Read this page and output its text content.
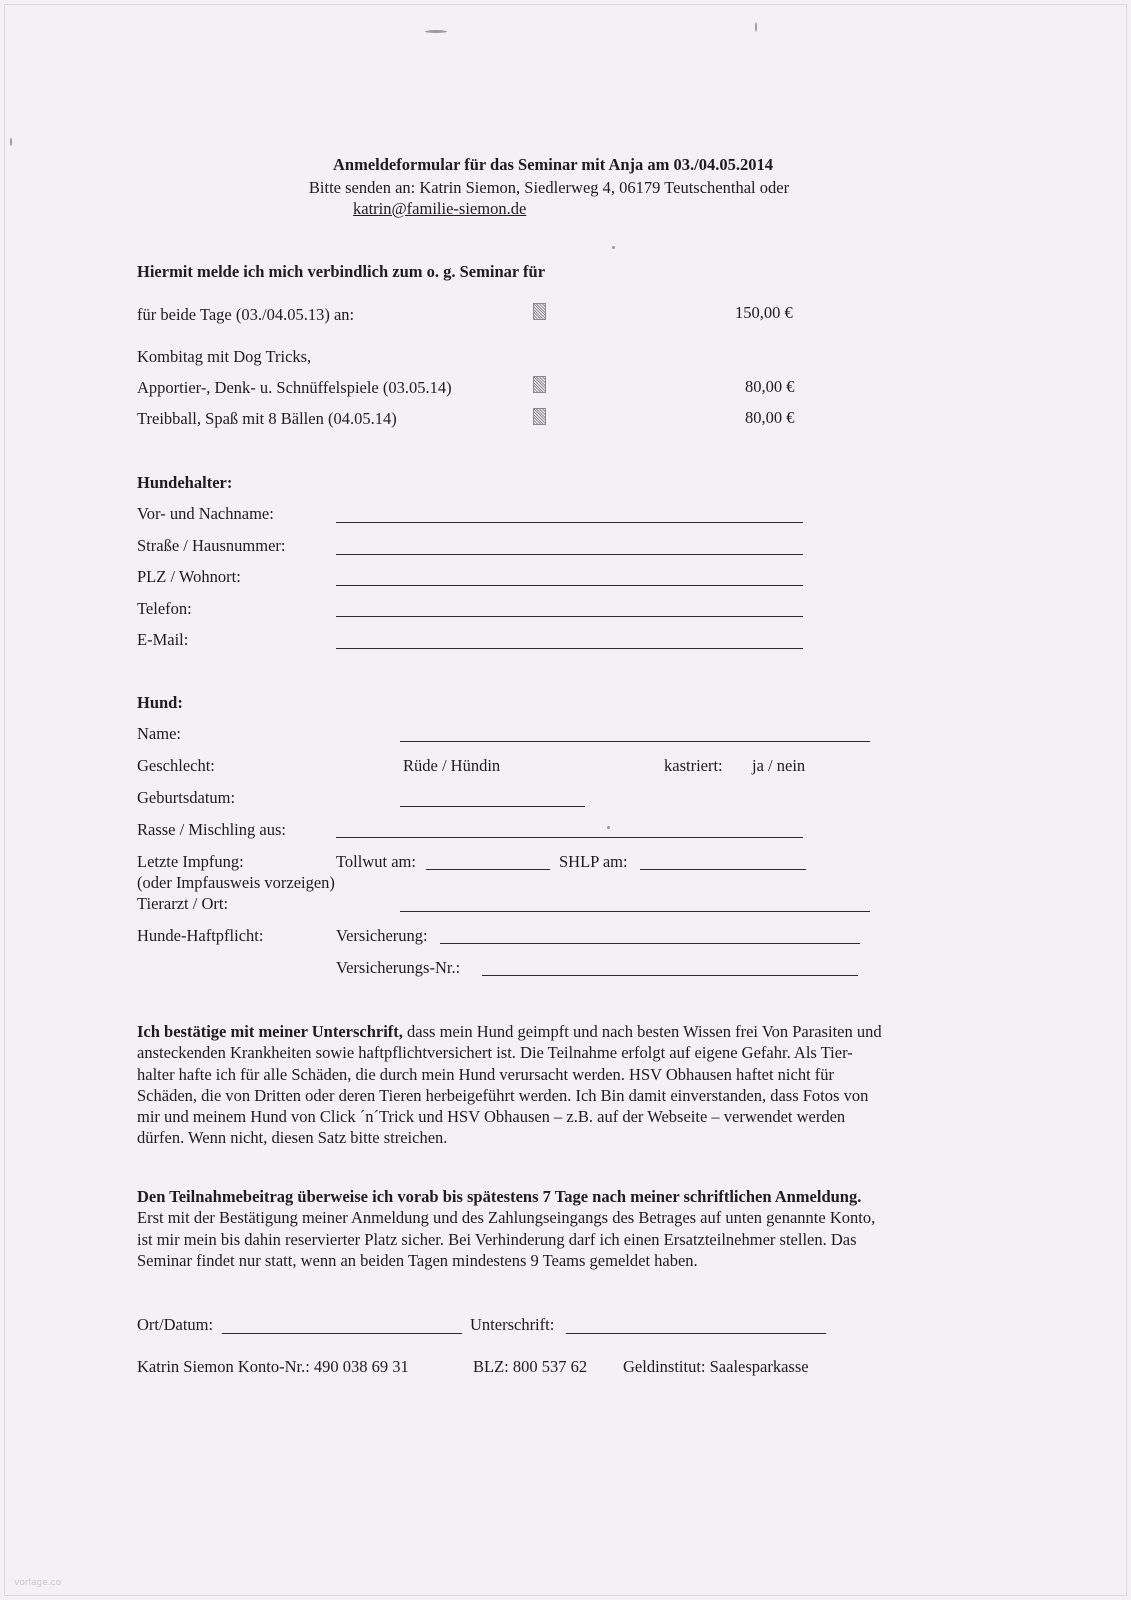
Anmeldeformular für das Seminar mit Anja am 03./04.05.2014
Bitte senden an: Katrin Siemon, Siedlerweg 4, 06179 Teutschenthal oder
katrin@familie-siemon.de
Hiermit melde ich mich verbindlich zum o. g. Seminar für
für beide Tage (03./04.05.13) an:	150,00 €
Kombitag mit Dog Tricks,
Apportier-, Denk- u. Schnüffelspiele (03.05.14)	80,00 €
Treibball, Spaß mit 8 Bällen (04.05.14)	80,00 €
Hundehalter:
Vor- und Nachname:
Straße / Hausnummer:
PLZ / Wohnort:
Telefon:
E-Mail:
Hund:
Name:
Geschlecht:	Rüde / Hündin	kastriert: ja / nein
Geburtsdatum:
Rasse / Mischling aus:
Letzte Impfung:	Tollwut am:	SHLP am:
(oder Impfausweis vorzeigen)
Tierarzt / Ort:
Hunde-Haftpflicht:	Versicherung:
Versicherungs-Nr.:

Ich bestätige mit meiner Unterschrift, dass mein Hund geimpft und nach besten Wissen frei Von Parasiten und

ansteckenden Krankheiten sowie haftpflichtversichert ist. Die Teilnahme erfolgt auf eigene Gefahr. Als Tier-

halter hafte ich für alle Schäden, die durch mein Hund verursacht werden. HSV Obhausen haftet nicht für

Schäden, die von Dritten oder deren Tieren herbeigeführt werden. Ich Bin damit einverstanden, dass Fotos von

mir und meinem Hund von Click ´n´Trick und HSV Obhausen – z.B. auf der Webseite – verwendet werden

dürfen. Wenn nicht, diesen Satz bitte streichen.

Den Teilnahmebeitrag überweise ich vorab bis spätestens 7 Tage nach meiner schriftlichen Anmeldung.

Erst mit der Bestätigung meiner Anmeldung und des Zahlungseingangs des Betrages auf unten genannte Konto,

ist mir mein bis dahin reservierter Platz sicher. Bei Verhinderung darf ich einen Ersatzteilnehmer stellen. Das

Seminar findet nur statt, wenn an beiden Tagen mindestens 9 Teams gemeldet haben.

Ort/Datum:	Unterschrift:
Katrin Siemon Konto-Nr.: 490 038 69 31	BLZ: 800 537 62 Geldinstitut: Saalesparkasse
vorlage.co
